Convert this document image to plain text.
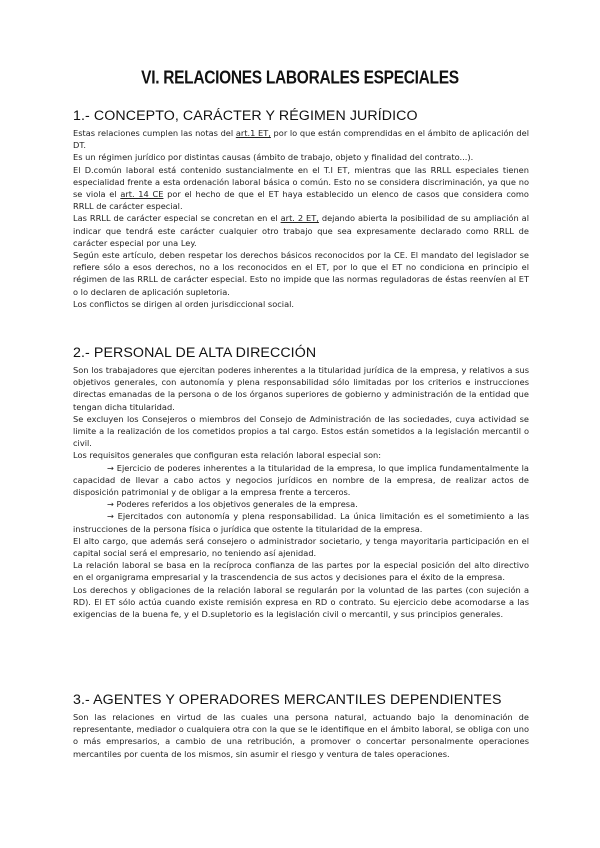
VI. RELACIONES LABORALES ESPECIALES
1.- CONCEPTO, CARÁCTER Y RÉGIMEN JURÍDICO

Estas relaciones cumplen las notas del art.1 ET, por lo que están comprendidas en el ámbito de aplicación del DT.

Es un régimen jurídico por distintas causas (ámbito de trabajo, objeto y finalidad del contrato...).

El D.común laboral está contenido sustancialmente en el T.I ET, mientras que las RRLL especiales tienen especialidad frente a esta ordenación laboral básica o común. Esto no se considera discriminación, ya que no se viola el art. 14 CE por el hecho de que el ET haya establecido un elenco de casos que considera como RRLL de carácter especial.

Las RRLL de carácter especial se concretan en el art. 2 ET, dejando abierta la posibilidad de su ampliación al indicar que tendrá este carácter cualquier otro trabajo que sea expresamente declarado como RRLL de carácter especial por una Ley.

Según este artículo, deben respetar los derechos básicos reconocidos por la CE. El mandato del legislador se refiere sólo a esos derechos, no a los reconocidos en el ET, por lo que el ET no condiciona en principio el régimen de las RRLL de carácter especial. Esto no impide que las normas reguladoras de éstas reenvíen al ET o lo declaren de aplicación supletoria.

Los conflictos se dirigen al orden jurisdiccional social.

2.- PERSONAL DE ALTA DIRECCIÓN

Son los trabajadores que ejercitan poderes inherentes a la titularidad jurídica de la empresa, y relativos a sus objetivos generales, con autonomía y plena responsabilidad sólo limitadas por los criterios e instrucciones directas emanadas de la persona o de los órganos superiores de gobierno y administración de la entidad que tengan dicha titularidad.

Se excluyen los Consejeros o miembros del Consejo de Administración de las sociedades, cuya actividad se limite a la realización de los cometidos propios a tal cargo. Estos están sometidos a la legislación mercantil o civil.

Los requisitos generales que configuran esta relación laboral especial son:

→ Ejercicio de poderes inherentes a la titularidad de la empresa, lo que implica fundamentalmente la capacidad de llevar a cabo actos y negocios jurídicos en nombre de la empresa, de realizar actos de disposición patrimonial y de obligar a la empresa frente a terceros.

→ Poderes referidos a los objetivos generales de la empresa.

→ Ejercitados con autonomía y plena responsabilidad. La única limitación es el sometimiento a las instrucciones de la persona física o jurídica que ostente la titularidad de la empresa.

El alto cargo, que además será consejero o administrador societario, y tenga mayoritaria participación en el capital social será el empresario, no teniendo así ajenidad.

La relación laboral se basa en la recíproca confianza de las partes por la especial posición del alto directivo en el organigrama empresarial y la trascendencia de sus actos y decisiones para el éxito de la empresa.

Los derechos y obligaciones de la relación laboral se regularán por la voluntad de las partes (con sujeción a RD). El ET sólo actúa cuando existe remisión expresa en RD o contrato. Su ejercicio debe acomodarse a las exigencias de la buena fe, y el D.supletorio es la legislación civil o mercantil, y sus principios generales.

3.- AGENTES Y OPERADORES MERCANTILES DEPENDIENTES

Son las relaciones en virtud de las cuales una persona natural, actuando bajo la denominación de representante, mediador o cualquiera otra con la que se le identifique en el ámbito laboral, se obliga con uno o más empresarios, a cambio de una retribución, a promover o concertar personalmente operaciones mercantiles por cuenta de los mismos, sin asumir el riesgo y ventura de tales operaciones.
